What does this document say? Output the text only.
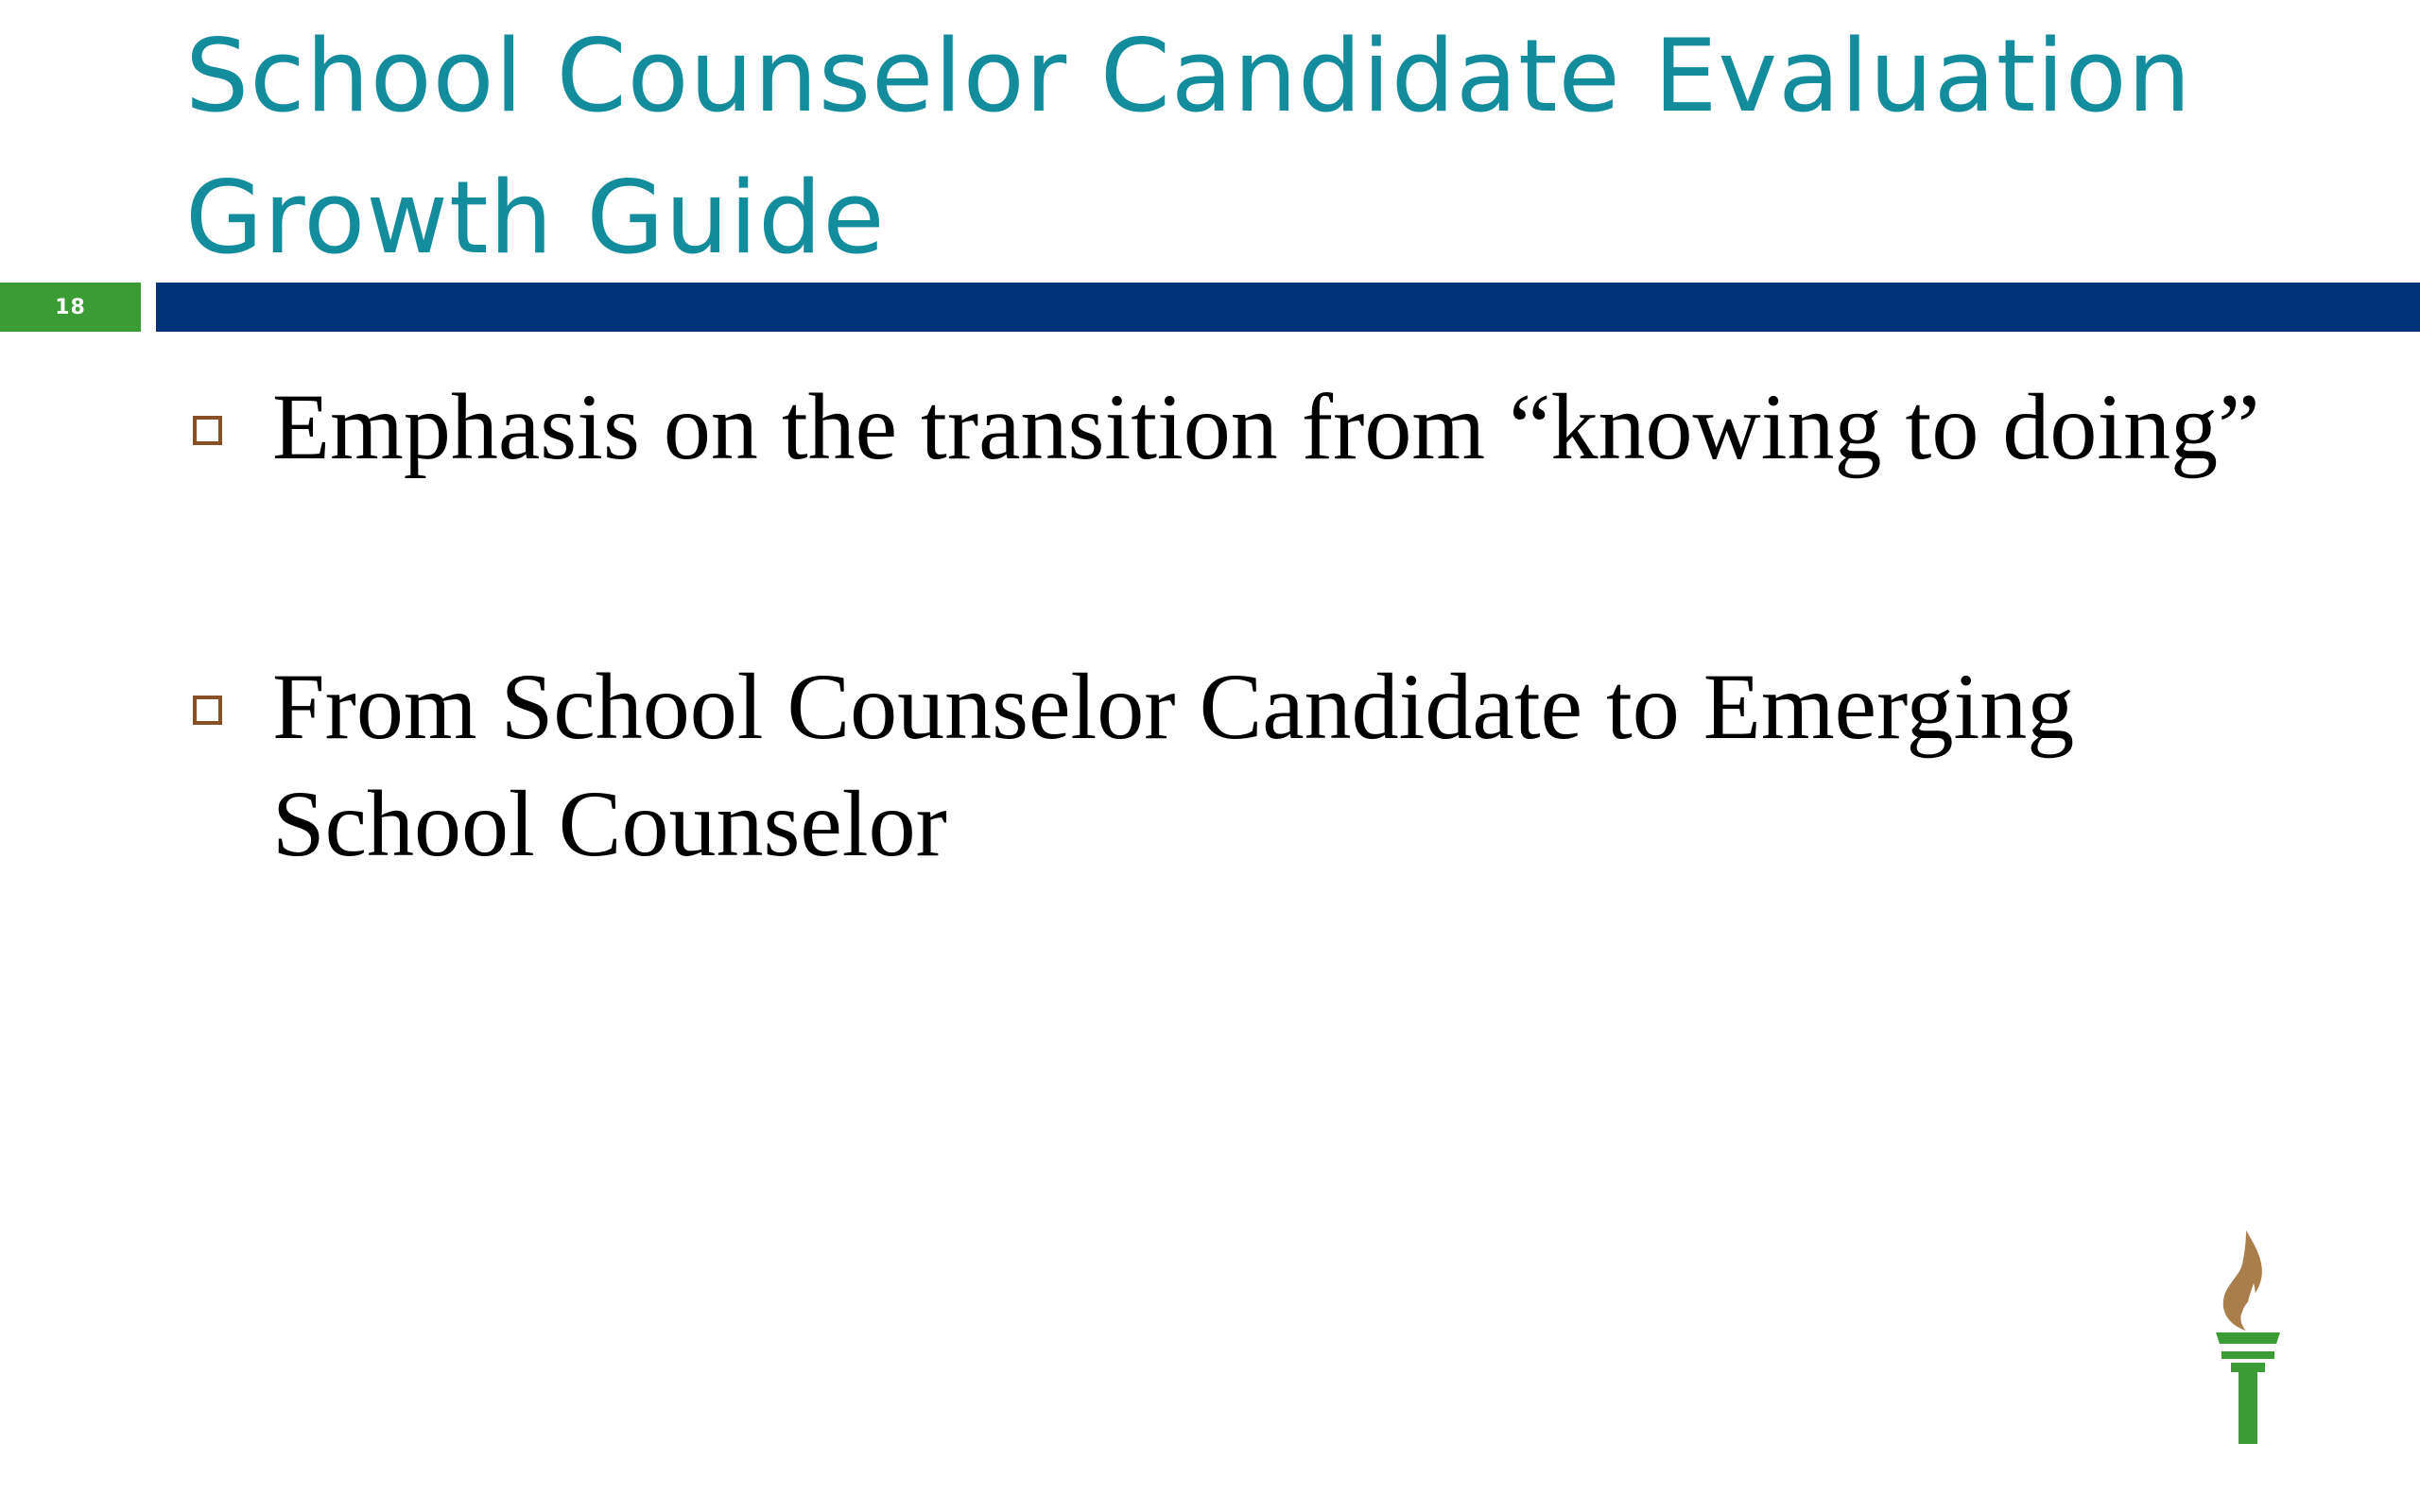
School Counselor Candidate Evaluation
Growth Guide
18
Emphasis on the transition from “knowing to doing”
From School Counselor Candidate to Emerging School Counselor
